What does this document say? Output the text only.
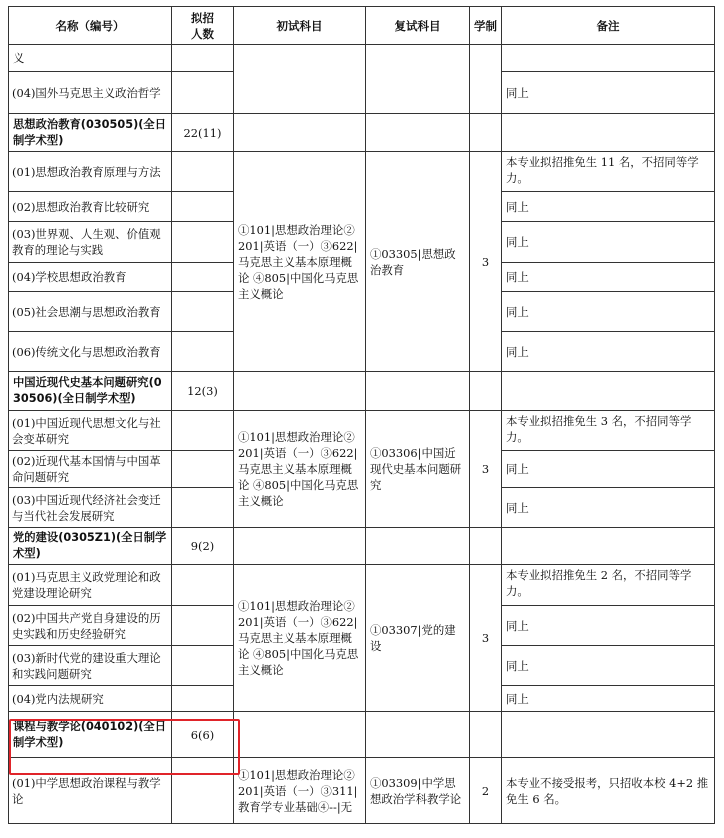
名称（编号）	拟招人数	初试科目	复试科目	学制	备注
义					
(04)国外马克思主义政治哲学					同上
思想政治教育(030505)(全日制学术型)	22(11)				
(01)思想政治教育原理与方法		①101|思想政治理论②201|英语（一）③622|马克思主义基本原理概论 ④805|中国化马克思主义概论	①03305|思想政治教育	3	本专业拟招推免生 11 名，不招同等学力。
(02)思想政治教育比较研究					同上
(03)世界观、人生观、价值观教育的理论与实践					同上
(04)学校思想政治教育					同上
(05)社会思潮与思想政治教育					同上
(06)传统文化与思想政治教育					同上
中国近现代史基本问题研究(030506)(全日制学术型)	12(3)				
(01)中国近现代思想文化与社会变革研究		①101|思想政治理论②201|英语（一）③622|马克思主义基本原理概论 ④805|中国化马克思主义概论	①03306|中国近现代史基本问题研究	3	本专业拟招推免生 3 名，不招同等学力。
(02)近现代基本国情与中国革命问题研究					同上
(03)中国近现代经济社会变迁与当代社会发展研究					同上
党的建设(0305Z1)(全日制学术型)	9(2)				
(01)马克思主义政党理论和政党建设理论研究		①101|思想政治理论②201|英语（一）③622|马克思主义基本原理概论 ④805|中国化马克思主义概论	①03307|党的建设	3	本专业拟招推免生 2 名，不招同等学力。
(02)中国共产党自身建设的历史实践和历史经验研究					同上
(03)新时代党的建设重大理论和实践问题研究					同上
(04)党内法规研究					同上
课程与教学论(040102)(全日制学术型)	6(6)				
(01)中学思想政治课程与教学论		①101|思想政治理论②201|英语（一）③311|教育学专业基础④--|无	①03309|中学思想政治学科教学论	2	本专业不接受报考，只招收本校 4+2 推免生 6 名。
